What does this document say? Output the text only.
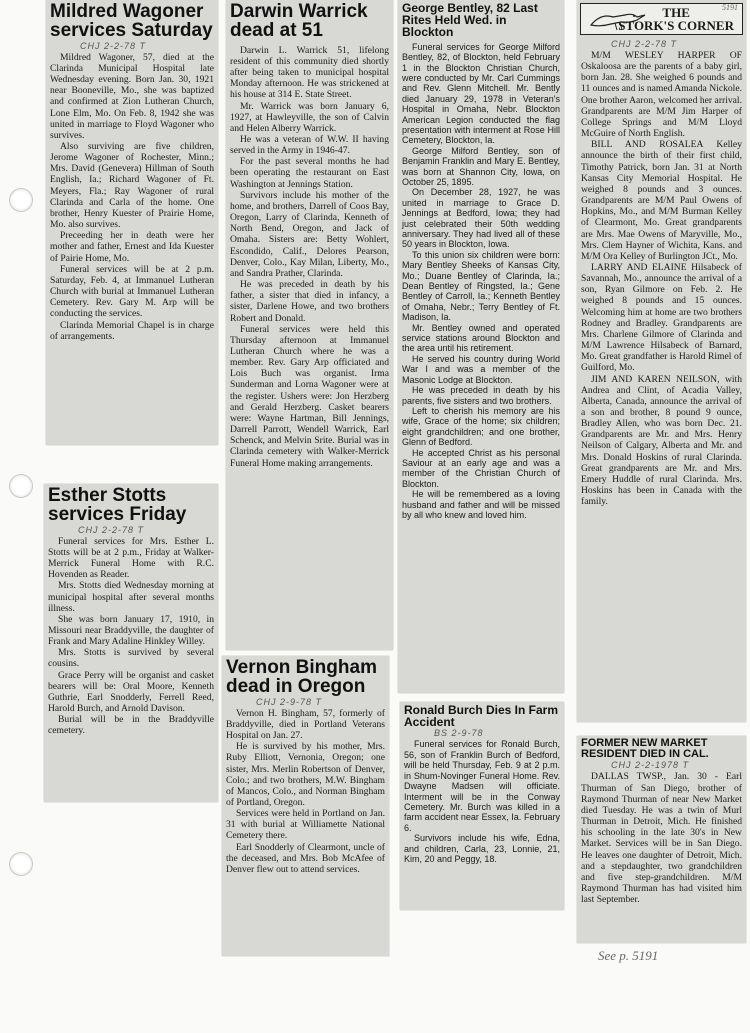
Mildred Wagoner services Saturday
CHJ 2-2-78 T

Mildred Wagoner, 57, died at the Clarinda Municipal Hospital late Wednesday evening. Born Jan. 30, 1921 near Booneville, Mo., she was baptized and confirmed at Zion Lutheran Church, Lone Elm, Mo. On Feb. 8, 1942 she was united in marriage to Floyd Wagoner who survives.

Also surviving are five children, Jerome Wagoner of Rochester, Minn.; Mrs. David (Genevera) Hillman of South English, Ia.; Richard Wagoner of Ft. Meyers, Fla.; Ray Wagoner of rural Clarinda and Carla of the home. One brother, Henry Kuester of Prairie Home, Mo. also survives.

Preceeding her in death were her mother and father, Ernest and Ida Kuester of Pairie Home, Mo.

Funeral services will be at 2 p.m. Saturday, Feb. 4, at Immanuel Lutheran Church with burial at Immanuel Lutheran Cemetery. Rev. Gary M. Arp will be conducting the services.

Clarinda Memorial Chapel is in charge of arrangements.

Esther Stotts services Friday
CHJ 2-2-78 T

Funeral services for Mrs. Esther L. Stotts will be at 2 p.m., Friday at Walker-Merrick Funeral Home with R.C. Hovenden as Reader.

Mrs. Stotts died Wednesday morning at municipal hospital after several months illness.

She was born January 17, 1910, in Missouri near Braddyville, the daughter of Frank and Mary Adaline Hinkley Willey.

Mrs. Stotts is survived by several cousins.

Grace Perry will be organist and casket bearers will be: Oral Moore, Kenneth Guthrie, Earl Snodderly, Ferrell Reed, Harold Burch, and Arnold Davison.

Burial will be in the Braddyville cemetery.

Darwin Warrick dead at 51

Darwin L. Warrick 51, lifelong resident of this community died shortly after being taken to municipal hospital Monday afternoon. He was strickened at his house at 314 E. State Street.

Mr. Warrick was born January 6, 1927, at Hawleyville, the son of Calvin and Helen Alberry Warrick.

He was a veteran of W.W. II having served in the Army in 1946-47.

For the past several months he had been operating the restaurant on East Washington at Jennings Station.

Survivors include his mother of the home, and brothers, Darrell of Coos Bay, Oregon, Larry of Clarinda, Kenneth of North Bend, Oregon, and Jack of Omaha. Sisters are: Betty Wohlert, Escondido, Calif., Delores Pearson, Denver, Colo., Kay Milan, Liberty, Mo., and Sandra Prather, Clarinda.

He was preceded in death by his father, a sister that died in infancy, a sister, Darlene Howe, and two brothers Robert and Donald.

Funeral services were held this Thursday afternoon at Immanuel Lutheran Church where he was a member. Rev. Gary Arp officiated and Lois Buch was organist. Irma Sunderman and Lorna Wagoner were at the register. Ushers were: Jon Herzberg and Gerald Herzberg. Casket bearers were: Wayne Hartman, Bill Jennings, Darrell Parrott, Wendell Warrick, Earl Schenck, and Melvin Srite. Burial was in Clarinda cemetery with Walker-Merrick Funeral Home making arrangements.

Vernon Bingham dead in Oregon
CHJ 2-9-78 T

Vernon H. Bingham, 57, formerly of Braddyville, died in Portland Veterans Hospital on Jan. 27.

He is survived by his mother, Mrs. Ruby Elliott, Vernonia, Oregon; one sister, Mrs. Merlin Robertson of Denver, Colo.; and two brothers, M.W. Bingham of Mancos, Colo., and Norman Bingham of Portland, Oregon.

Services were held in Portland on Jan. 31 with burial at Williamette National Cemetery there.

Earl Snodderly of Clearmont, uncle of the deceased, and Mrs. Bob McAfee of Denver flew out to attend services.

George Bentley, 82 Last Rites Held Wed. in Blockton

Funeral services for George Milford Bentley, 82, of Blockton, held February 1 in the Blockton Christian Church, were conducted by Mr. Carl Cummings and Rev. Glenn Mitchell. Mr. Bently died January 29, 1978 in Veteran's Hospital in Omaha, Nebr. Blockton American Legion conducted the flag presentation with interment at Rose Hill Cemetery, Blockton, Ia.

George Milford Bentley, son of Benjamin Franklin and Mary E. Bentley, was born at Shannon City, Iowa, on October 25, 1895.

On December 28, 1927, he was united in marriage to Grace D. Jennings at Bedford, Iowa; they had just celebrated their 50th wedding anniversary. They had lived all of these 50 years in Blockton, Iowa.

To this union six children were born: Mary Bentley Sheeks of Kansas City, Mo.; Duane Bentley of Clarinda, Ia.; Dean Bentley of Ringsted, Ia.; Gene Bentley of Carroll, Ia.; Kenneth Bentley of Omaha, Nebr.; Terry Bentley of Ft. Madison, Ia.

Mr. Bentley owned and operated service stations around Blockton and the area until his retirement.

He served his country during World War I and was a member of the Masonic Lodge at Blockton.

He was preceded in death by his parents, five sisters and two brothers.

Left to cherish his memory are his wife, Grace of the home; six children; eight grandchildren; and one brother, Glenn of Bedford.

He accepted Christ as his personal Saviour at an early age and was a member of the Christian Church of Blockton.

He will be remembered as a loving husband and father and will be missed by all who knew and loved him.

Ronald Burch Dies In Farm Accident
BS 2-9-78

Funeral services for Ronald Burch, 56, son of Franklin Burch of Bedford, will be held Thursday, Feb. 9 at 2 p.m. in Shum-Novinger Funeral Home. Rev. Dwayne Madsen will officiate. Interment will be in the Conway Cemetery. Mr. Burch was killed in a farm accident near Essex, Ia. February 6.

Survivors include his wife, Edna, and children, Carla, 23, Lonnie, 21, Kim, 20 and Peggy, 18.

THE
STORK'S CORNER
5191
CHJ 2-2-78 T

M/M WESLEY HARPER OF Oskaloosa are the parents of a baby girl, born Jan. 28. She weighed 6 pounds and 11 ounces and is named Amanda Nickole. One brother Aaron, welcomed her arrival. Grandparents are M/M Jim Harper of College Springs and M/M Lloyd McGuire of North English.

BILL AND ROSALEA Kelley announce the birth of their first child, Timothy Patrick, born Jan. 31 at North Kansas City Memorial Hospital. He weighed 8 pounds and 3 ounces. Grandparents are M/M Paul Owens of Hopkins, Mo., and M/M Burman Kelley of Clearmont, Mo. Great grandparents are Mrs. Mae Owens of Maryville, Mo., Mrs. Clem Hayner of Wichita, Kans. and M/M Ora Kelley of Burlington JCt., Mo.

LARRY AND ELAINE Hilsabeck of Savannah, Mo., announce the arrival of a son, Ryan Gilmore on Feb. 2. He weighed 8 pounds and 15 ounces. Welcoming him at home are two brothers Rodney and Bradley. Grandparents are Mrs. Charlene Gilmore of Clarinda and M/M Lawrence Hilsabeck of Barnard, Mo. Great grandfather is Harold Rimel of Guilford, Mo.

JIM AND KAREN NEILSON, with Andrea and Clint, of Acadia Valley, Alberta, Canada, announce the arrival of a son and brother, 8 pound 9 ounce, Bradley Allen, who was born Dec. 21. Grandparents are Mr. and Mrs. Henry Neilson of Calgary, Alberta and Mr. and Mrs. Donald Hoskins of rural Clarinda. Great grandparents are Mr. and Mrs. Emery Huddle of rural Clarinda. Mrs. Hoskins has been in Canada with the family.

FORMER NEW MARKET RESIDENT DIED IN CAL.
CHJ 2-2-1978 T

DALLAS TWSP., Jan. 30 - Earl Thurman of San Diego, brother of Raymond Thurman of near New Market died Tuesday. He was a twin of Murl Thurman in Detroit, Mich. He finished his schooling in the late 30's in New Market. Services will be in San Diego. He leaves one daughter of Detroit, Mich. and a stepdaughter, two grandchildren and five step-grandchildren. M/M Raymond Thurman has had visited him last September.

See p. 5191
